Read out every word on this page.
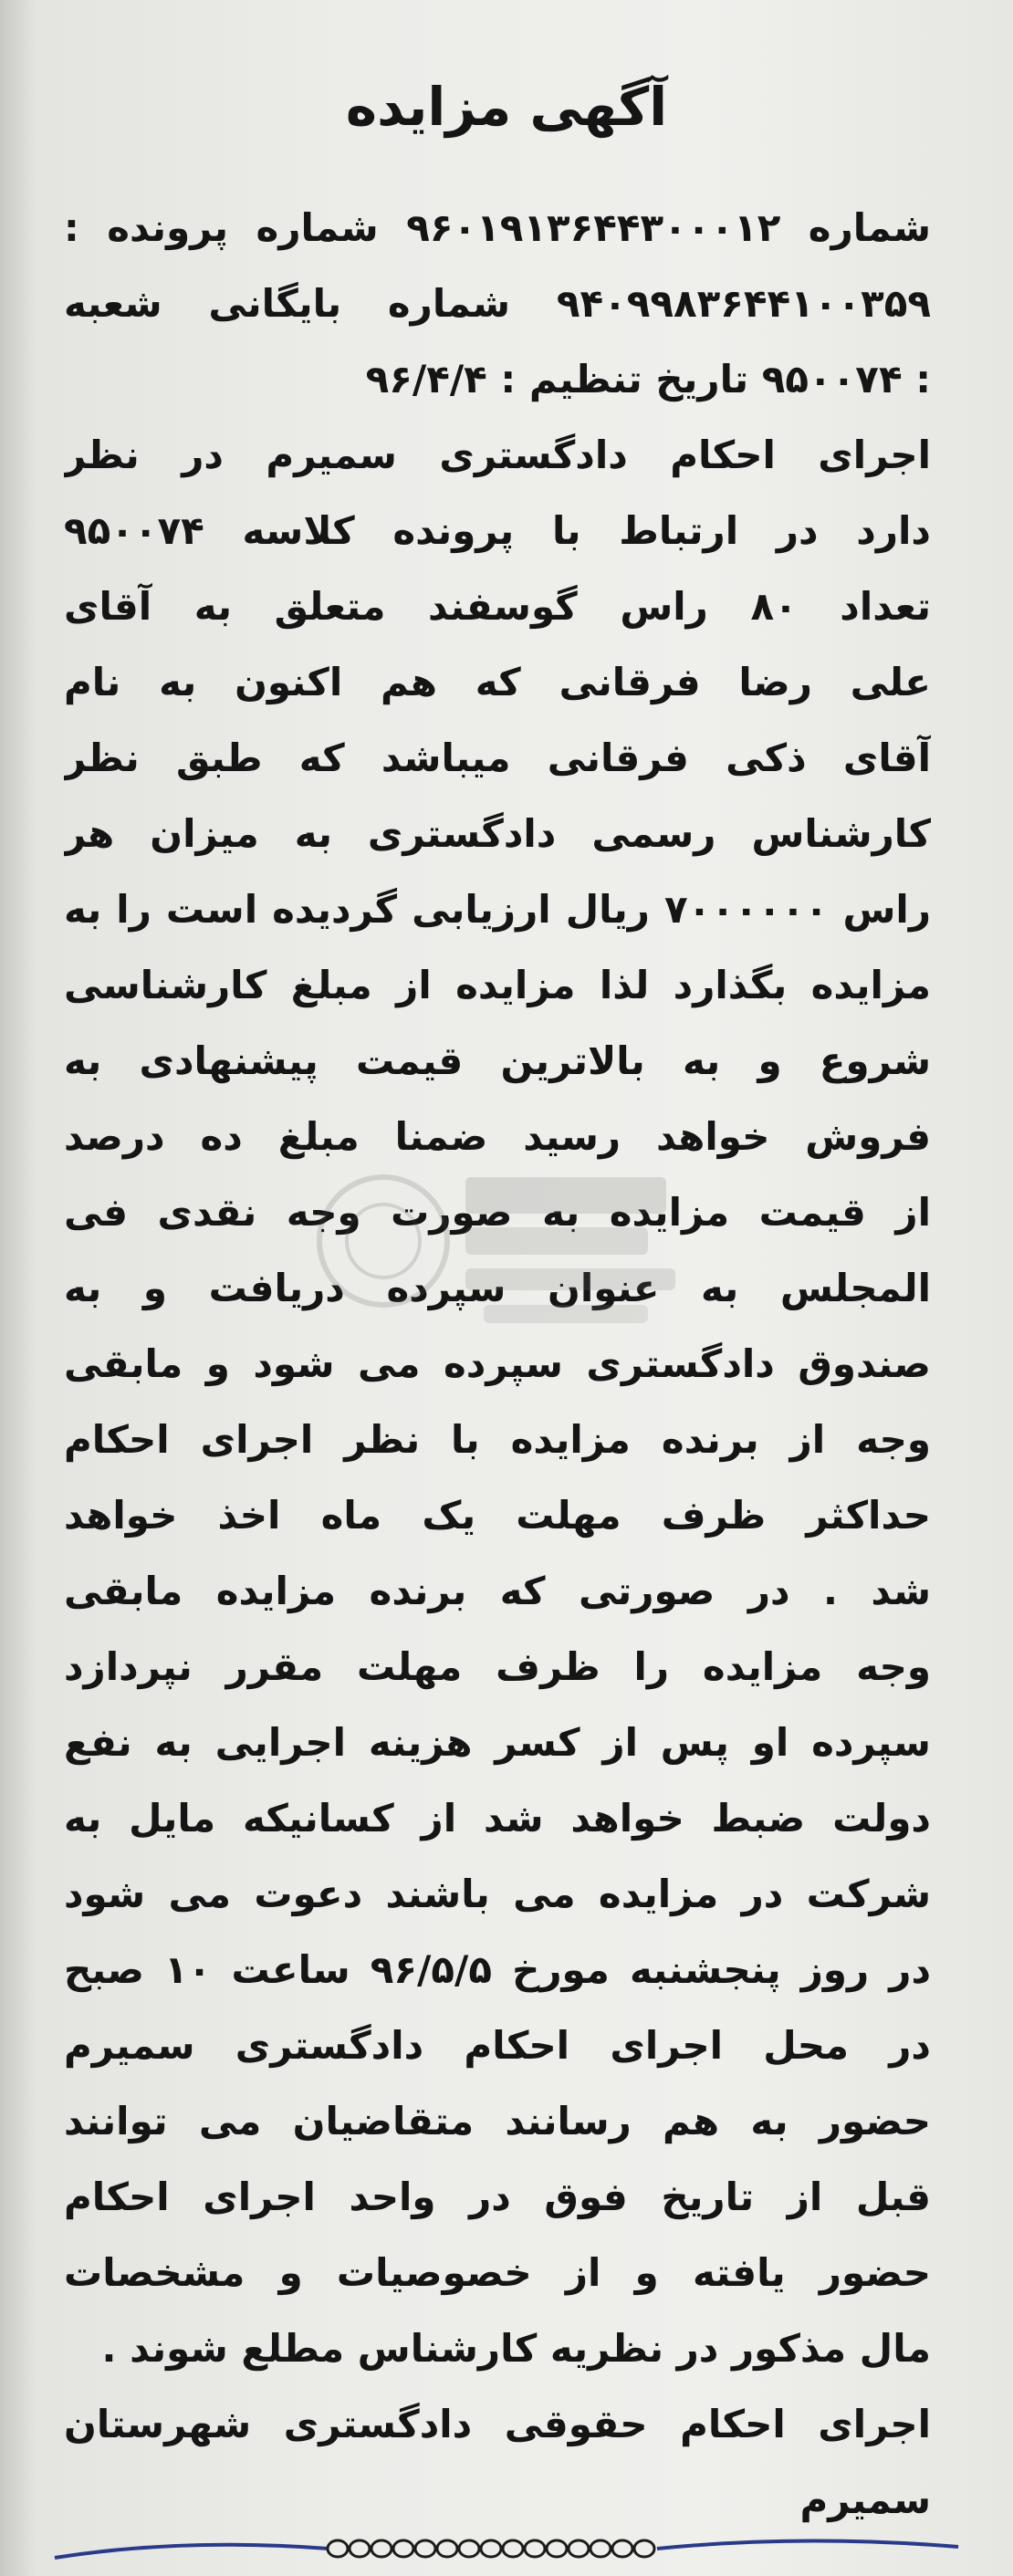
آگهی مزایده
شماره ۹۶۰۱۹۱۳۶۴۴۳۰۰۰۱۲ شماره پرونده :
۹۴۰۹۹۸۳۶۴۴۱۰۰۳۵۹ شماره بایگانی شعبه
: ۹۵۰۰۷۴ تاریخ تنظیم : ۹۶/۴/۴
اجرای احکام دادگستری سمیرم در نظر
دارد در ارتباط با پرونده کلاسه ۹۵۰۰۷۴
تعداد ۸۰ راس گوسفند متعلق به آقای
علی رضا فرقانی که هم اکنون به نام
آقای ذکی فرقانی میباشد که طبق نظر
کارشناس رسمی دادگستری به میزان هر
راس ۷۰۰۰۰۰۰ ریال ارزیابی گردیده است را به
مزایده بگذارد لذا مزایده از مبلغ کارشناسی
شروع و به بالاترین قیمت پیشنهادی به
فروش خواهد رسید ضمنا مبلغ ده درصد
از قیمت مزایده به صورت وجه نقدی فی
المجلس به عنوان سپرده دریافت و به
صندوق دادگستری سپرده می شود و مابقی
وجه از برنده مزایده با نظر اجرای احکام
حداکثر ظرف مهلت یک ماه اخذ خواهد
شد . در صورتی که برنده مزایده مابقی
وجه مزایده را ظرف مهلت مقرر نپردازد
سپرده او پس از کسر هزینه اجرایی به نفع
دولت ضبط خواهد شد از کسانیکه مایل به
شرکت در مزایده می باشند دعوت می شود
در روز پنجشنبه مورخ ۹۶/۵/۵ ساعت ۱۰ صبح
در محل اجرای احکام دادگستری سمیرم
حضور به هم رسانند متقاضیان می توانند
قبل از تاریخ فوق در واحد اجرای احکام
حضور یافته و از خصوصیات و مشخصات
مال مذکور در نظریه کارشناس مطلع شوند .
اجرای احکام حقوقی دادگستری شهرستان
سمیرم
